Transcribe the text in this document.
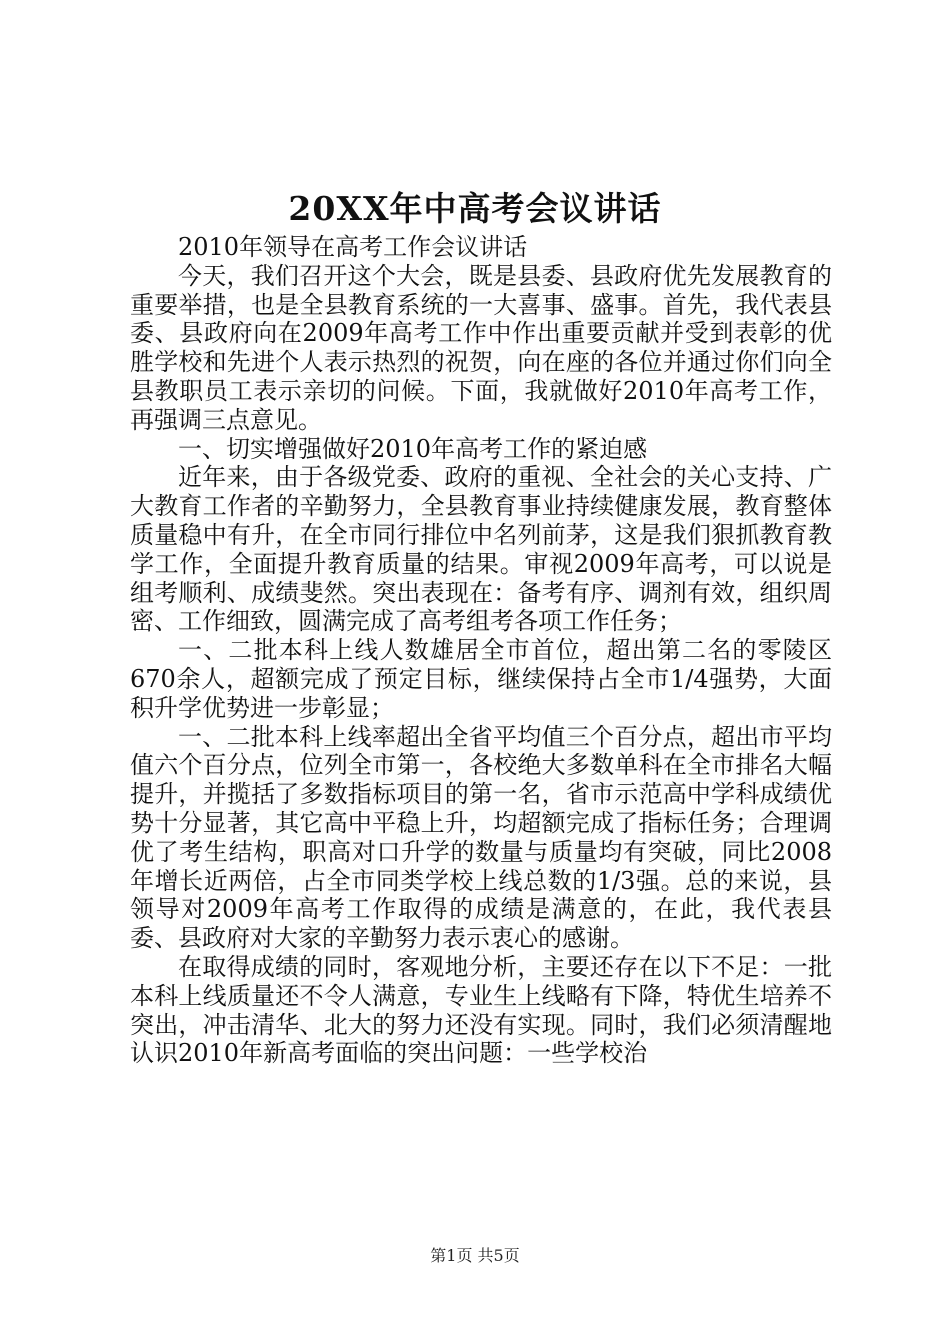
20XX年中高考会议讲话

2010年领导在高考工作会议讲话

今天，我们召开这个大会，既是县委、县政府优先发展教育的重要举措，也是全县教育系统的一大喜事、盛事。首先，我代表县委、县政府向在2009年高考工作中作出重要贡献并受到表彰的优胜学校和先进个人表示热烈的祝贺，向在座的各位并通过你们向全县教职员工表示亲切的问候。下面，我就做好2010年高考工作，再强调三点意见。

一、切实增强做好2010年高考工作的紧迫感

近年来，由于各级党委、政府的重视、全社会的关心支持、广大教育工作者的辛勤努力，全县教育事业持续健康发展，教育整体质量稳中有升，在全市同行排位中名列前茅，这是我们狠抓教育教学工作，全面提升教育质量的结果。审视2009年高考，可以说是组考顺利、成绩斐然。突出表现在：备考有序、调剂有效，组织周密、工作细致，圆满完成了高考组考各项工作任务；

一、二批本科上线人数雄居全市首位，超出第二名的零陵区670余人，超额完成了预定目标，继续保持占全市1/4强势，大面积升学优势进一步彰显；

一、二批本科上线率超出全省平均值三个百分点，超出市平均值六个百分点，位列全市第一，各校绝大多数单科在全市排名大幅提升，并揽括了多数指标项目的第一名，省市示范高中学科成绩优势十分显著，其它高中平稳上升，均超额完成了指标任务；合理调优了考生结构，职高对口升学的数量与质量均有突破，同比2008年增长近两倍，占全市同类学校上线总数的1/3强。总的来说，县领导对2009年高考工作取得的成绩是满意的，在此，我代表县委、县政府对大家的辛勤努力表示衷心的感谢。

在取得成绩的同时，客观地分析，主要还存在以下不足：一批本科上线质量还不令人满意，专业生上线略有下降，特优生培养不突出，冲击清华、北大的努力还没有实现。同时，我们必须清醒地认识2010年新高考面临的突出问题：一些学校治

第1页 共5页
